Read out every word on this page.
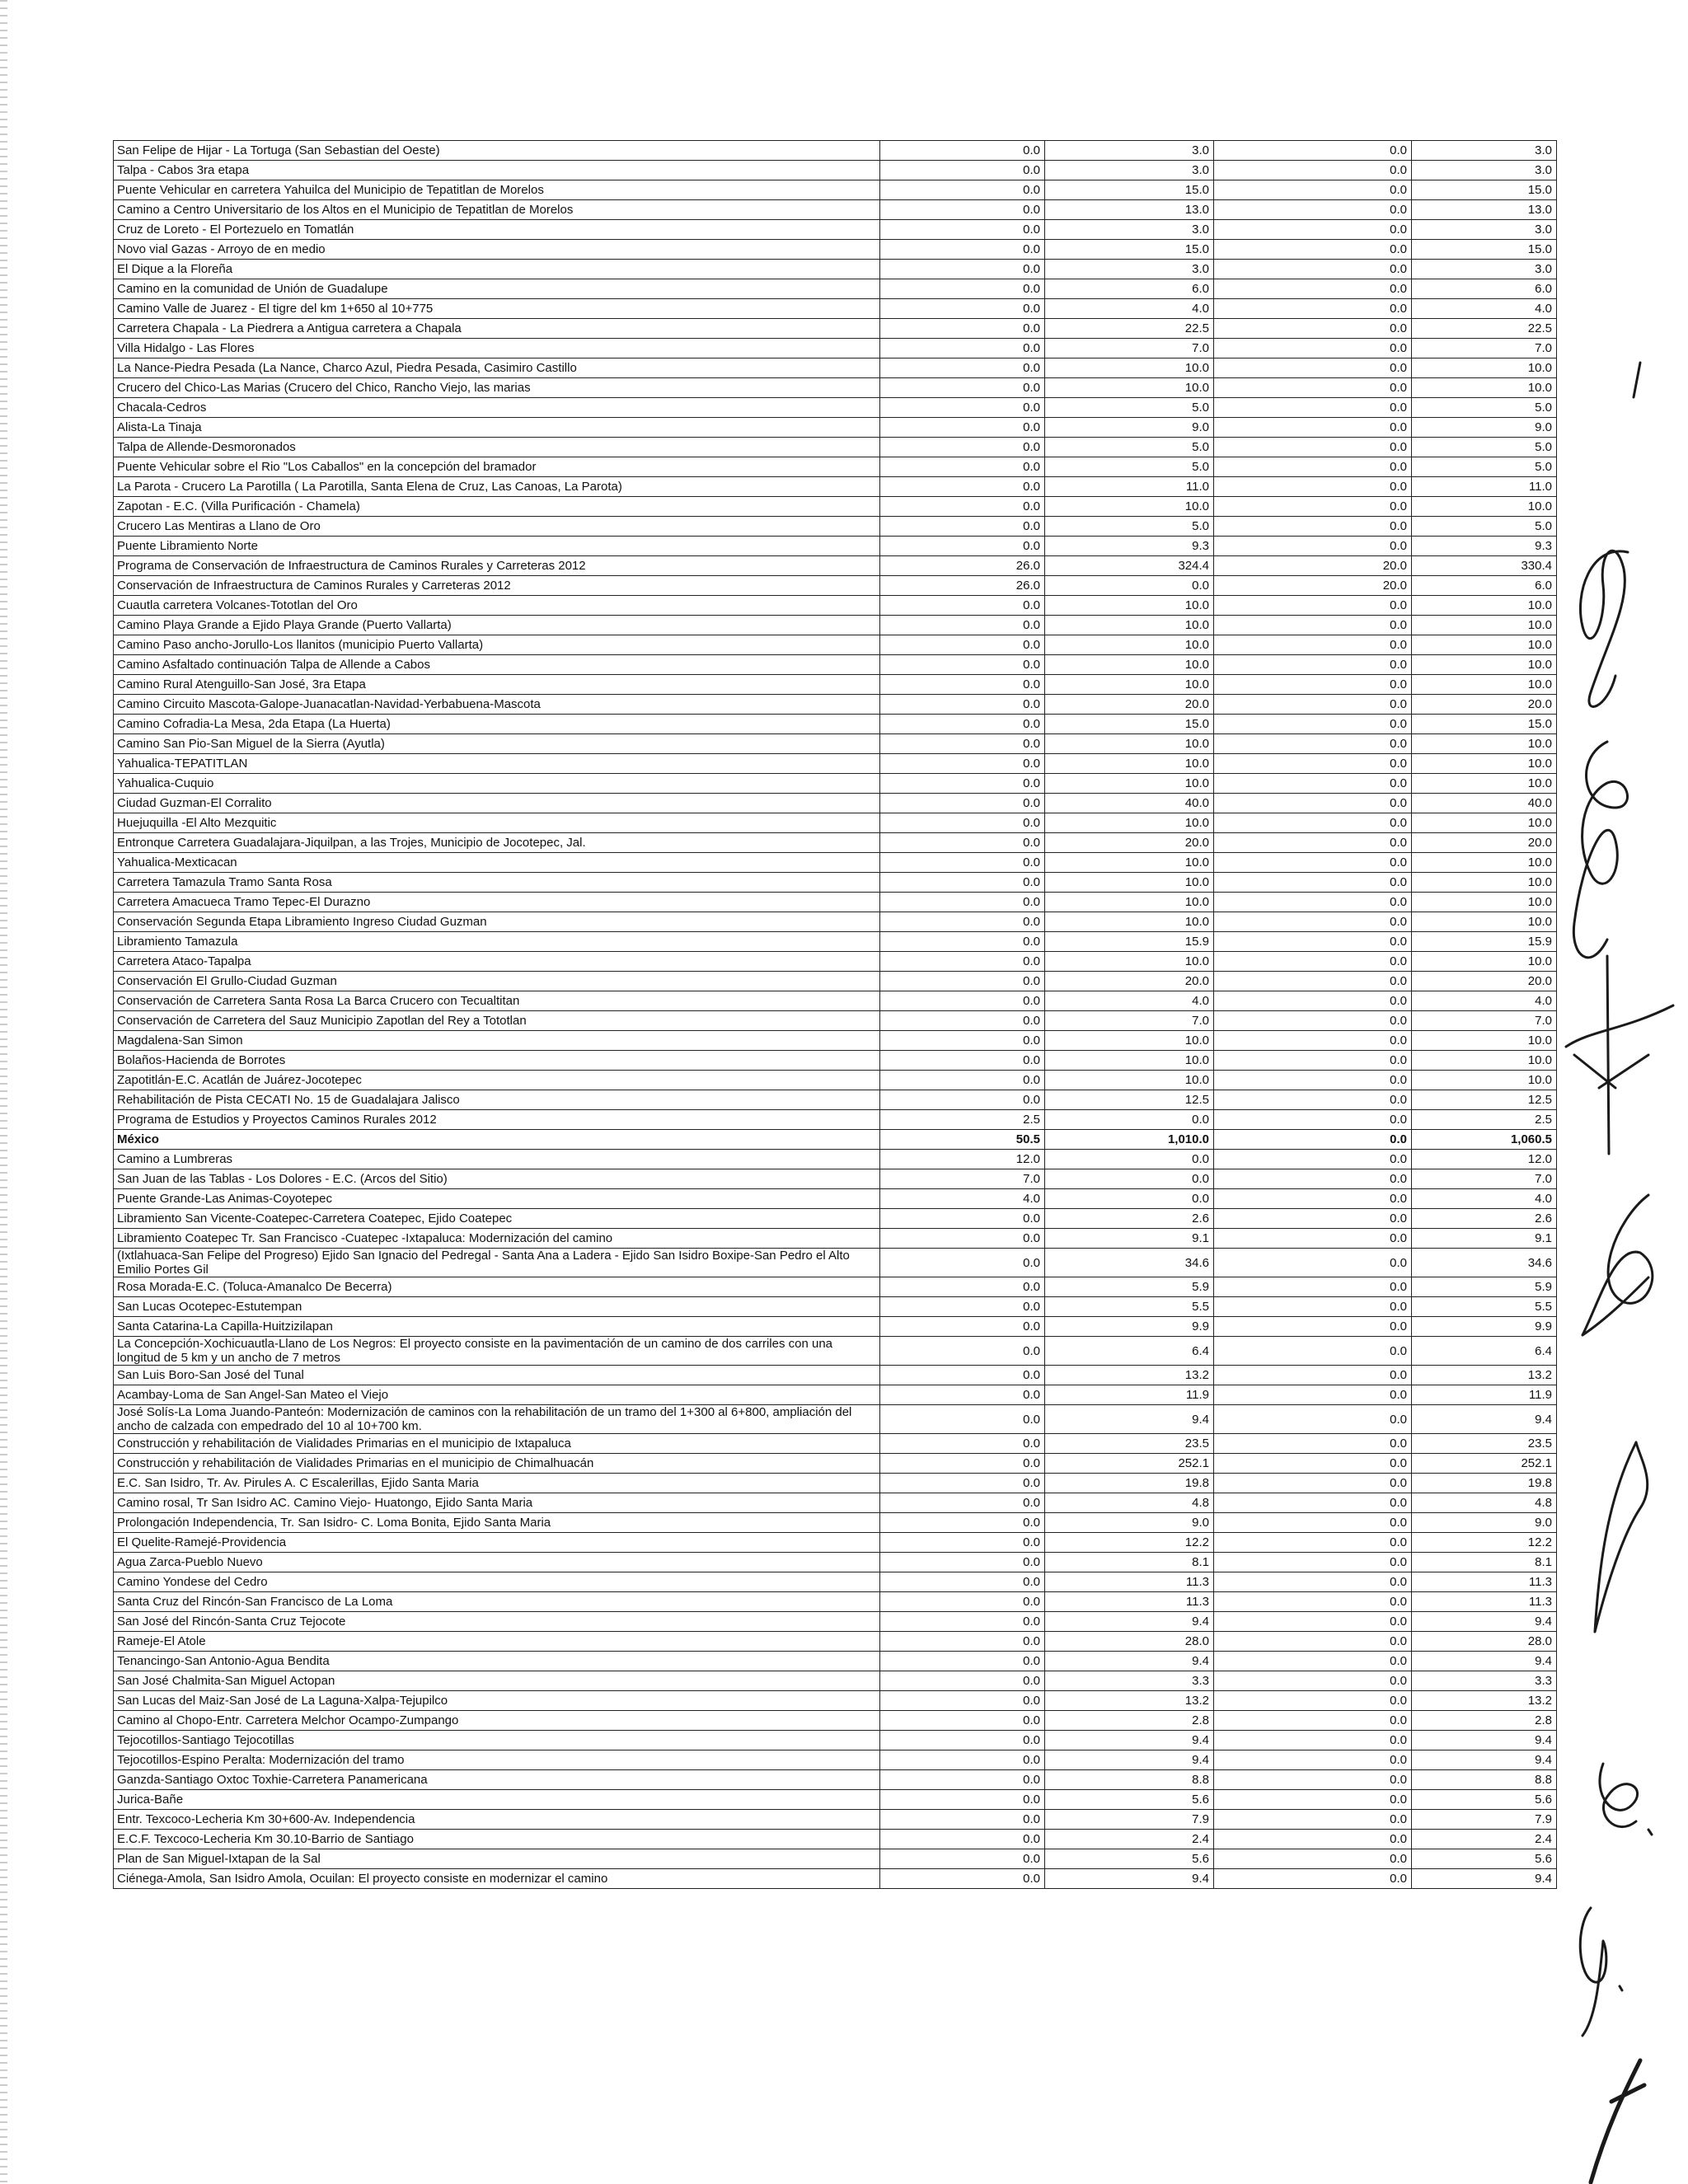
San Felipe de Hijar - La Tortuga (San Sebastian del Oeste)	0.0	3.0	0.0	3.0	
Talpa - Cabos 3ra etapa	0.0	3.0	0.0	3.0	
Puente Vehicular en carretera Yahuilca del Municipio de Tepatitlan de Morelos	0.0	15.0	0.0	15.0	
Camino a Centro Universitario de los Altos en el Municipio de Tepatitlan de Morelos	0.0	13.0	0.0	13.0	
Cruz de Loreto - El Portezuelo en Tomatlán	0.0	3.0	0.0	3.0	
Novo vial Gazas - Arroyo de en medio	0.0	15.0	0.0	15.0	
El Dique a la Floreña	0.0	3.0	0.0	3.0	
Camino en la comunidad de Unión de Guadalupe	0.0	6.0	0.0	6.0	
Camino Valle de Juarez - El tigre del km 1+650 al 10+775	0.0	4.0	0.0	4.0	
Carretera Chapala - La Piedrera a Antigua carretera a Chapala	0.0	22.5	0.0	22.5	
Villa Hidalgo - Las Flores	0.0	7.0	0.0	7.0	
La Nance-Piedra Pesada (La Nance, Charco Azul, Piedra Pesada, Casimiro Castillo	0.0	10.0	0.0	10.0	
Crucero del Chico-Las Marias (Crucero del Chico, Rancho Viejo, las marias	0.0	10.0	0.0	10.0	
Chacala-Cedros	0.0	5.0	0.0	5.0	
Alista-La Tinaja	0.0	9.0	0.0	9.0	
Talpa de Allende-Desmoronados	0.0	5.0	0.0	5.0	
Puente Vehicular sobre el Rio "Los Caballos" en la concepción del bramador	0.0	5.0	0.0	5.0	
La Parota - Crucero La Parotilla ( La Parotilla, Santa Elena de Cruz, Las Canoas, La Parota)	0.0	11.0	0.0	11.0	
Zapotan - E.C. (Villa Purificación - Chamela)	0.0	10.0	0.0	10.0	
Crucero Las Mentiras a Llano de Oro	0.0	5.0	0.0	5.0	
Puente Libramiento Norte	0.0	9.3	0.0	9.3	
Programa de Conservación de Infraestructura de Caminos Rurales y Carreteras 2012	26.0	324.4	20.0	330.4	
Conservación de Infraestructura de Caminos Rurales y Carreteras 2012	26.0	0.0	20.0	6.0	
Cuautla carretera Volcanes-Tototlan del Oro	0.0	10.0	0.0	10.0	
Camino Playa Grande a Ejido Playa Grande (Puerto Vallarta)	0.0	10.0	0.0	10.0	
Camino Paso ancho-Jorullo-Los llanitos (municipio Puerto Vallarta)	0.0	10.0	0.0	10.0	
Camino Asfaltado continuación Talpa de Allende a Cabos	0.0	10.0	0.0	10.0	
Camino Rural Atenguillo-San José, 3ra Etapa	0.0	10.0	0.0	10.0	
Camino Circuito Mascota-Galope-Juanacatlan-Navidad-Yerbabuena-Mascota	0.0	20.0	0.0	20.0	
Camino Cofradia-La Mesa, 2da Etapa (La Huerta)	0.0	15.0	0.0	15.0	
Camino San Pio-San Miguel de la Sierra (Ayutla)	0.0	10.0	0.0	10.0	
Yahualica-TEPATITLAN	0.0	10.0	0.0	10.0	
Yahualica-Cuquio	0.0	10.0	0.0	10.0	
Ciudad Guzman-El Corralito	0.0	40.0	0.0	40.0	
Huejuquilla -El Alto Mezquitic	0.0	10.0	0.0	10.0	
Entronque Carretera Guadalajara-Jiquilpan, a las Trojes, Municipio de Jocotepec, Jal.	0.0	20.0	0.0	20.0	
Yahualica-Mexticacan	0.0	10.0	0.0	10.0	
Carretera Tamazula Tramo Santa Rosa	0.0	10.0	0.0	10.0	
Carretera Amacueca Tramo Tepec-El Durazno	0.0	10.0	0.0	10.0	
Conservación Segunda Etapa Libramiento Ingreso Ciudad Guzman	0.0	10.0	0.0	10.0	
Libramiento Tamazula	0.0	15.9	0.0	15.9	
Carretera Ataco-Tapalpa	0.0	10.0	0.0	10.0	
Conservación El Grullo-Ciudad Guzman	0.0	20.0	0.0	20.0	
Conservación de Carretera Santa Rosa La Barca Crucero con Tecualtitan	0.0	4.0	0.0	4.0	
Conservación de Carretera del Sauz Municipio Zapotlan del Rey a Tototlan	0.0	7.0	0.0	7.0	
Magdalena-San Simon	0.0	10.0	0.0	10.0	
Bolaños-Hacienda de Borrotes	0.0	10.0	0.0	10.0	
Zapotitlán-E.C. Acatlán de Juárez-Jocotepec	0.0	10.0	0.0	10.0	
Rehabilitación de Pista CECATI No. 15 de Guadalajara Jalisco	0.0	12.5	0.0	12.5	
Programa de Estudios y Proyectos Caminos Rurales 2012	2.5	0.0	0.0	2.5	
México	50.5	1,010.0	0.0	1,060.5	
Camino a Lumbreras	12.0	0.0	0.0	12.0	
San Juan de las Tablas - Los Dolores - E.C. (Arcos del Sitio)	7.0	0.0	0.0	7.0	
Puente Grande-Las Animas-Coyotepec	4.0	0.0	0.0	4.0	
Libramiento San Vicente-Coatepec-Carretera Coatepec, Ejido Coatepec	0.0	2.6	0.0	2.6	
Libramiento Coatepec Tr. San Francisco -Cuatepec -Ixtapaluca: Modernización del camino	0.0	9.1	0.0	9.1	
(Ixtlahuaca-San Felipe del Progreso) Ejido San Ignacio del Pedregal - Santa Ana a Ladera - Ejido San Isidro Boxipe-San Pedro el Alto Emilio Portes Gil	0.0	34.6	0.0	34.6	
Rosa Morada-E.C. (Toluca-Amanalco De Becerra)	0.0	5.9	0.0	5.9	
San Lucas Ocotepec-Estutempan	0.0	5.5	0.0	5.5	
Santa Catarina-La Capilla-Huitzizilapan	0.0	9.9	0.0	9.9	
La Concepción-Xochicuautla-Llano de Los Negros: El proyecto consiste en la pavimentación de un camino de dos carriles con una longitud de 5 km y un ancho de 7 metros	0.0	6.4	0.0	6.4	
San Luis Boro-San José del Tunal	0.0	13.2	0.0	13.2	
Acambay-Loma de San Angel-San Mateo el Viejo	0.0	11.9	0.0	11.9	
José Solís-La Loma Juando-Panteón: Modernización de caminos con la rehabilitación de un tramo del 1+300 al 6+800, ampliación del ancho de calzada con empedrado del 10 al 10+700 km.	0.0	9.4	0.0	9.4	
Construcción y rehabilitación de Vialidades Primarias en el municipio de Ixtapaluca	0.0	23.5	0.0	23.5	
Construcción y rehabilitación de Vialidades Primarias en el municipio de Chimalhuacán	0.0	252.1	0.0	252.1	
E.C. San Isidro, Tr. Av. Pirules A. C Escalerillas, Ejido Santa Maria	0.0	19.8	0.0	19.8	
Camino rosal, Tr San Isidro AC. Camino Viejo- Huatongo, Ejido Santa Maria	0.0	4.8	0.0	4.8	
Prolongación Independencia, Tr. San Isidro- C. Loma Bonita, Ejido Santa Maria	0.0	9.0	0.0	9.0	
El Quelite-Ramejé-Providencia	0.0	12.2	0.0	12.2	
Agua Zarca-Pueblo Nuevo	0.0	8.1	0.0	8.1	
Camino Yondese del Cedro	0.0	11.3	0.0	11.3	
Santa Cruz del Rincón-San Francisco de La Loma	0.0	11.3	0.0	11.3	
San José del Rincón-Santa Cruz Tejocote	0.0	9.4	0.0	9.4	
Rameje-El Atole	0.0	28.0	0.0	28.0	
Tenancingo-San Antonio-Agua Bendita	0.0	9.4	0.0	9.4	
San José Chalmita-San Miguel Actopan	0.0	3.3	0.0	3.3	
San Lucas del Maiz-San José de La Laguna-Xalpa-Tejupilco	0.0	13.2	0.0	13.2	
Camino al Chopo-Entr. Carretera Melchor Ocampo-Zumpango	0.0	2.8	0.0	2.8	
Tejocotillos-Santiago Tejocotillas	0.0	9.4	0.0	9.4	
Tejocotillos-Espino Peralta: Modernización del tramo	0.0	9.4	0.0	9.4	
Ganzda-Santiago Oxtoc Toxhie-Carretera Panamericana	0.0	8.8	0.0	8.8	
Jurica-Bañe	0.0	5.6	0.0	5.6	
Entr. Texcoco-Lecheria Km 30+600-Av. Independencia	0.0	7.9	0.0	7.9	
E.C.F. Texcoco-Lecheria Km 30.10-Barrio de Santiago	0.0	2.4	0.0	2.4	
Plan de San Miguel-Ixtapan de la Sal	0.0	5.6	0.0	5.6	
Ciénega-Amola, San Isidro Amola, Ocuilan: El proyecto consiste en modernizar el camino	0.0	9.4	0.0	9.4	
